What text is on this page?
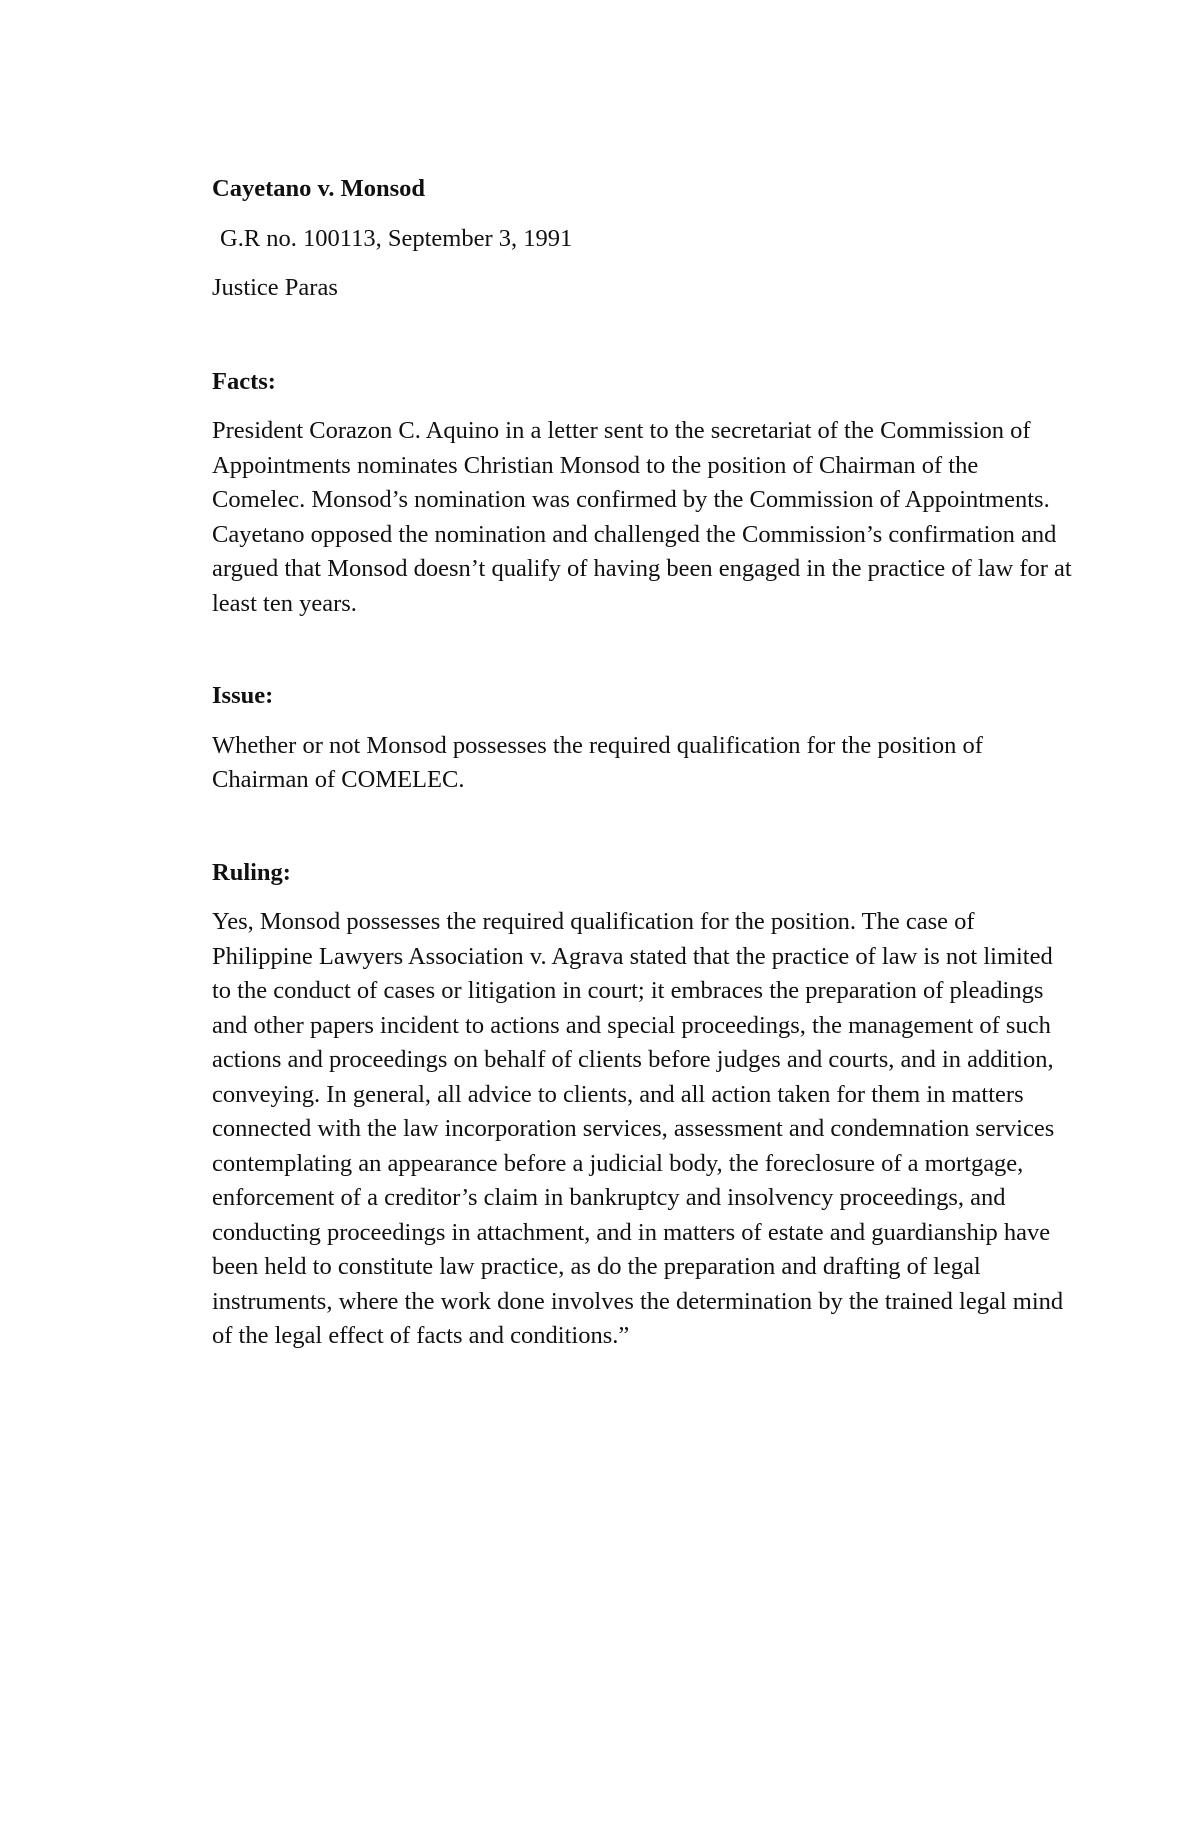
Cayetano v. Monsod
G.R no. 100113, September 3, 1991
Justice Paras
Facts:

President Corazon C. Aquino in a letter sent to the secretariat of the Commission of Appointments nominates Christian Monsod to the position of Chairman of the Comelec. Monsod’s nomination was confirmed by the Commission of Appointments. Cayetano opposed the nomination and challenged the Commission’s confirmation and argued that Monsod doesn’t qualify of having been engaged in the practice of law for at least ten years.

Issue:

Whether or not Monsod possesses the required qualification for the position of Chairman of COMELEC.

Ruling:

Yes, Monsod possesses the required qualification for the position. The case of Philippine Lawyers Association v. Agrava stated that the practice of law is not limited to the conduct of cases or litigation in court; it embraces the preparation of pleadings and other papers incident to actions and special proceedings, the management of such actions and proceedings on behalf of clients before judges and courts, and in addition, conveying. In general, all advice to clients, and all action taken for them in matters connected with the law incorporation services, assessment and condemnation services contemplating an appearance before a judicial body, the foreclosure of a mortgage, enforcement of a creditor’s claim in bankruptcy and insolvency proceedings, and conducting proceedings in attachment, and in matters of estate and guardianship have been held to constitute law practice, as do the preparation and drafting of legal instruments, where the work done involves the determination by the trained legal mind of the legal effect of facts and conditions.”
